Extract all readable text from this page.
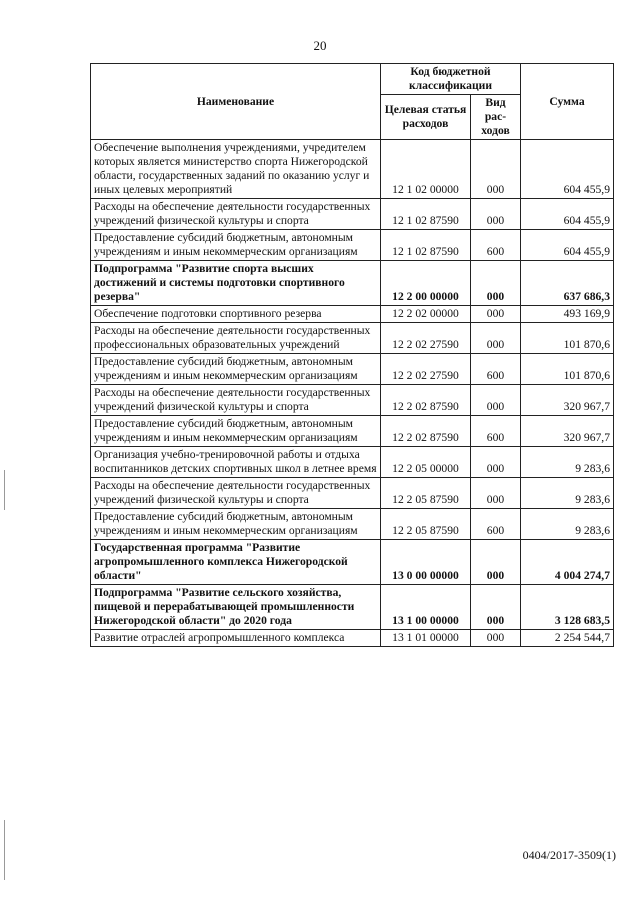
20
Наименование	Код бюджетной классификации		Сумма
	Целевая статья расходов	Вид рас- ходов	
Обеспечение выполнения учреждениями, учредителем которых является министерство спорта Нижегородской области, государственных заданий по оказанию услуг и иных целевых мероприятий	12 1 02 00000	000	604 455,9
Расходы на обеспечение деятельности государственных учреждений физической культуры и спорта	12 1 02 87590	000	604 455,9
Предоставление субсидий бюджетным, автономным учреждениям и иным некоммерческим организациям	12 1 02 87590	600	604 455,9
Подпрограмма "Развитие спорта высших достижений и системы подготовки спортивного резерва"	12 2 00 00000	000	637 686,3
Обеспечение подготовки спортивного резерва	12 2 02 00000	000	493 169,9
Расходы на обеспечение деятельности государственных профессиональных образовательных учреждений	12 2 02 27590	000	101 870,6
Предоставление субсидий бюджетным, автономным учреждениям и иным некоммерческим организациям	12 2 02 27590	600	101 870,6
Расходы на обеспечение деятельности государственных учреждений физической культуры и спорта	12 2 02 87590	000	320 967,7
Предоставление субсидий бюджетным, автономным учреждениям и иным некоммерческим организациям	12 2 02 87590	600	320 967,7
Организация учебно-тренировочной работы и отдыха воспитанников детских спортивных школ в летнее время	12 2 05 00000	000	9 283,6
Расходы на обеспечение деятельности государственных учреждений физической культуры и спорта	12 2 05 87590	000	9 283,6
Предоставление субсидий бюджетным, автономным учреждениям и иным некоммерческим организациям	12 2 05 87590	600	9 283,6
Государственная программа "Развитие агропромышленного комплекса Нижегородской области"	13 0 00 00000	000	4 004 274,7
Подпрограмма "Развитие сельского хозяйства, пищевой и перерабатывающей промышленности Нижегородской области" до 2020 года	13 1 00 00000	000	3 128 683,5
Развитие отраслей агропромышленного комплекса	13 1 01 00000	000	2 254 544,7
0404/2017-3509(1)
